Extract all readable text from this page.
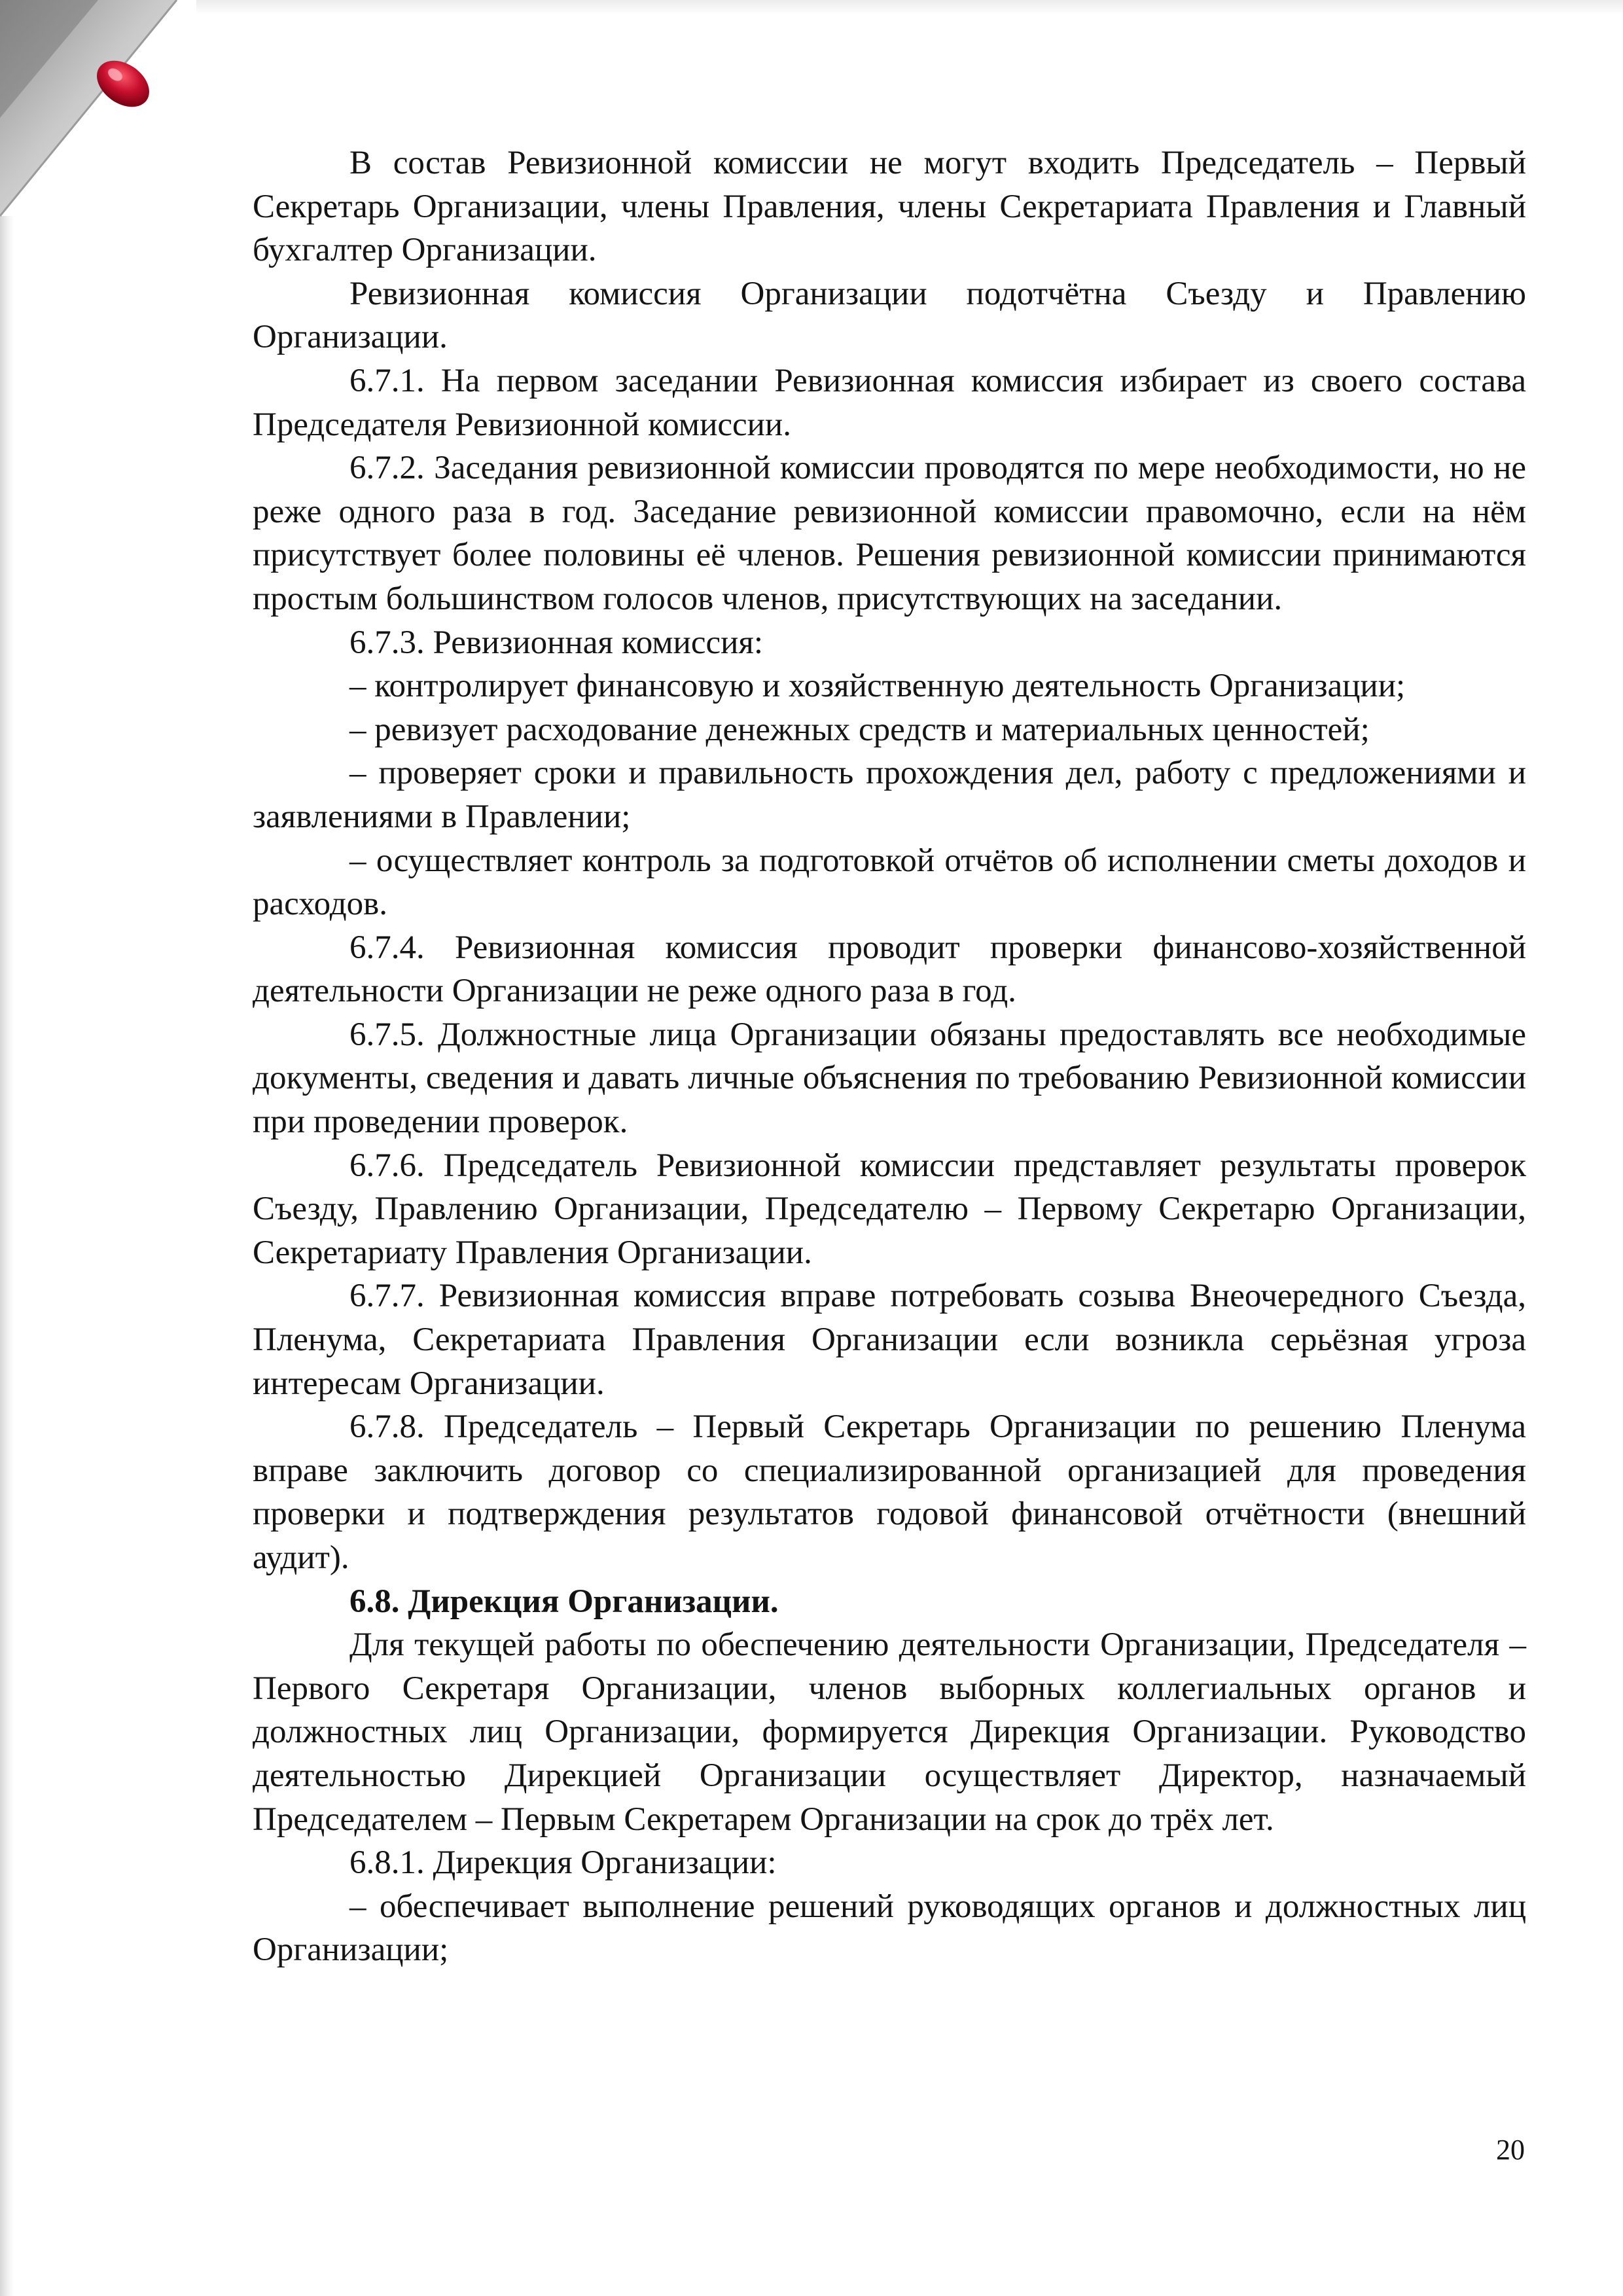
В состав Ревизионной комиссии не могут входить Председатель – Первый Секретарь Организации, члены Правления, члены Секретариата Правления и Главный бухгалтер Организации.

Ревизионная комиссия Организации подотчётна Съезду и Правлению Организации.

6.7.1. На первом заседании Ревизионная комиссия избирает из своего состава Председателя Ревизионной комиссии.

6.7.2. Заседания ревизионной комиссии проводятся по мере необходимости, но не реже одного раза в год. Заседание ревизионной комиссии правомочно, если на нём присутствует более половины её членов. Решения ревизионной комиссии принимаются простым большинством голосов членов, присутствующих на заседании.

6.7.3. Ревизионная комиссия:

– контролирует финансовую и хозяйственную деятельность Организации;

– ревизует расходование денежных средств и материальных ценностей;

– проверяет сроки и правильность прохождения дел, работу с предложениями и заявлениями в Правлении;

– осуществляет контроль за подготовкой отчётов об исполнении сметы доходов и расходов.

6.7.4. Ревизионная комиссия проводит проверки финансово-хозяйственной деятельности Организации не реже одного раза в год.

6.7.5. Должностные лица Организации обязаны предоставлять все необходимые документы, сведения и давать личные объяснения по требованию Ревизионной комиссии при проведении проверок.

6.7.6. Председатель Ревизионной комиссии представляет результаты проверок Съезду, Правлению Организации, Председателю – Первому Секретарю Организации, Секретариату Правления Организации.

6.7.7. Ревизионная комиссия вправе потребовать созыва Внеочередного Съезда, Пленума, Секретариата Правления Организации если возникла серьёзная угроза интересам Организации.

6.7.8. Председатель – Первый Секретарь Организации по решению Пленума вправе заключить договор со специализированной организацией для проведения проверки и подтверждения результатов годовой финансовой отчётности (внешний аудит).

6.8. Дирекция Организации.

Для текущей работы по обеспечению деятельности Организации, Председателя – Первого Секретаря Организации, членов выборных коллегиальных органов и должностных лиц Организации, формируется Дирекция Организации. Руководство деятельностью Дирекцией Организации осуществляет Директор, назначаемый Председателем – Первым Секретарем Организации на срок до трёх лет.

6.8.1. Дирекция Организации:

– обеспечивает выполнение решений руководящих органов и должностных лиц Организации;

20
